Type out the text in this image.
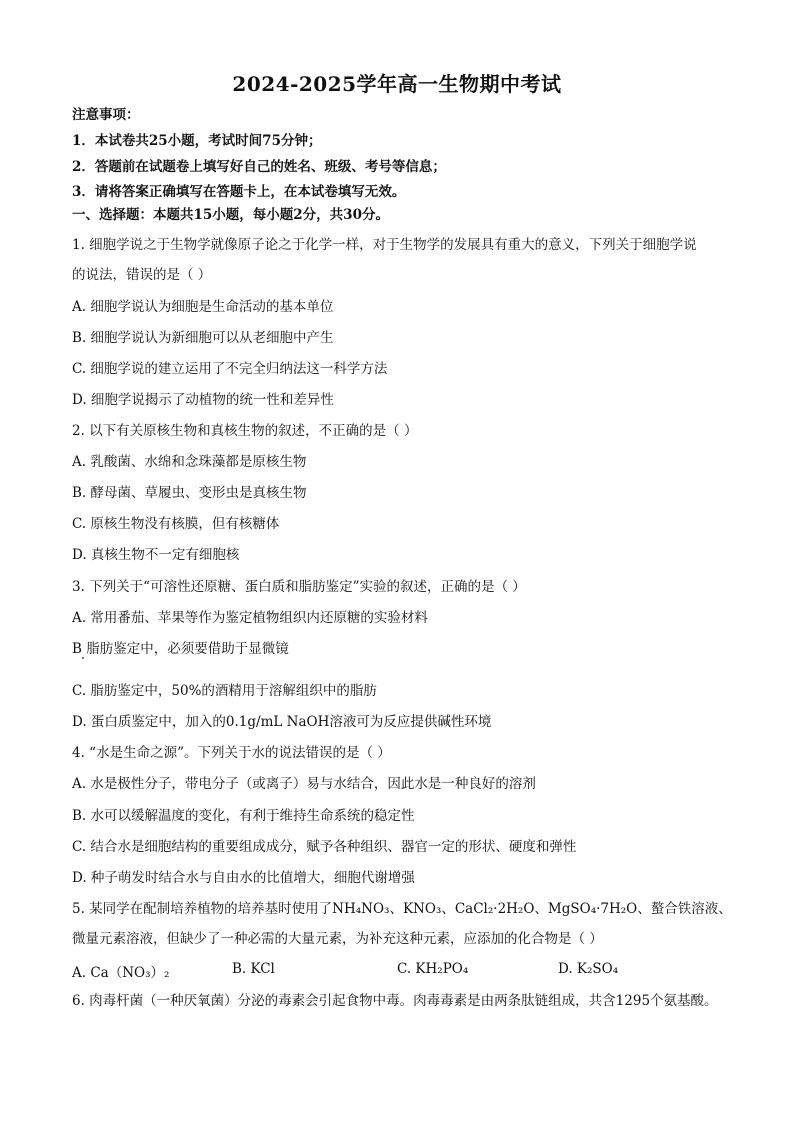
2024-2025学年高一生物期中考试
注意事项：
1．本试卷共25小题，考试时间75分钟；
2．答题前在试题卷上填写好自己的姓名、班级、考号等信息；
3．请将答案正确填写在答题卡上，在本试卷填写无效。
一、选择题：本题共15小题，每小题2分，共30分。
1. 细胞学说之于生物学就像原子论之于化学一样，对于生物学的发展具有重大的意义，下列关于细胞学说
的说法，错误的是（ ）
A. 细胞学说认为细胞是生命活动的基本单位
B. 细胞学说认为新细胞可以从老细胞中产生
C. 细胞学说的建立运用了不完全归纳法这一科学方法
D. 细胞学说揭示了动植物的统一性和差异性
2. 以下有关原核生物和真核生物的叙述，不正确的是（ ）
A. 乳酸菌、水绵和念珠藻都是原核生物
B. 酵母菌、草履虫、变形虫是真核生物
C. 原核生物没有核膜，但有核糖体
D. 真核生物不一定有细胞核
3. 下列关于“可溶性还原糖、蛋白质和脂肪鉴定”实验的叙述，正确的是（ ）
A. 常用番茄、苹果等作为鉴定植物组织内还原糖的实验材料
B 脂肪鉴定中，必须要借助于显微镜
C. 脂肪鉴定中，50%的酒精用于溶解组织中的脂肪
D. 蛋白质鉴定中，加入的0.1g/mL NaOH溶液可为反应提供碱性环境
4. “水是生命之源”。下列关于水的说法错误的是（ ）
A. 水是极性分子，带电分子（或离子）易与水结合，因此水是一种良好的溶剂
B. 水可以缓解温度的变化，有利于维持生命系统的稳定性
C. 结合水是细胞结构的重要组成成分，赋予各种组织、器官一定的形状、硬度和弹性
D. 种子萌发时结合水与自由水的比值增大，细胞代谢增强
5. 某同学在配制培养植物的培养基时使用了NH₄NO₃、KNO₃、CaCl₂·2H₂O、MgSO₄·7H₂O、螯合铁溶液、
微量元素溶液，但缺少了一种必需的大量元素，为补充这种元素，应添加的化合物是（ ）
A. Ca（NO₃）₂	B. KCl	C. KH₂PO₄	D. K₂SO₄
6. 肉毒杆菌（一种厌氧菌）分泌的毒素会引起食物中毒。肉毒毒素是由两条肽链组成，共含1295个氨基酸。
